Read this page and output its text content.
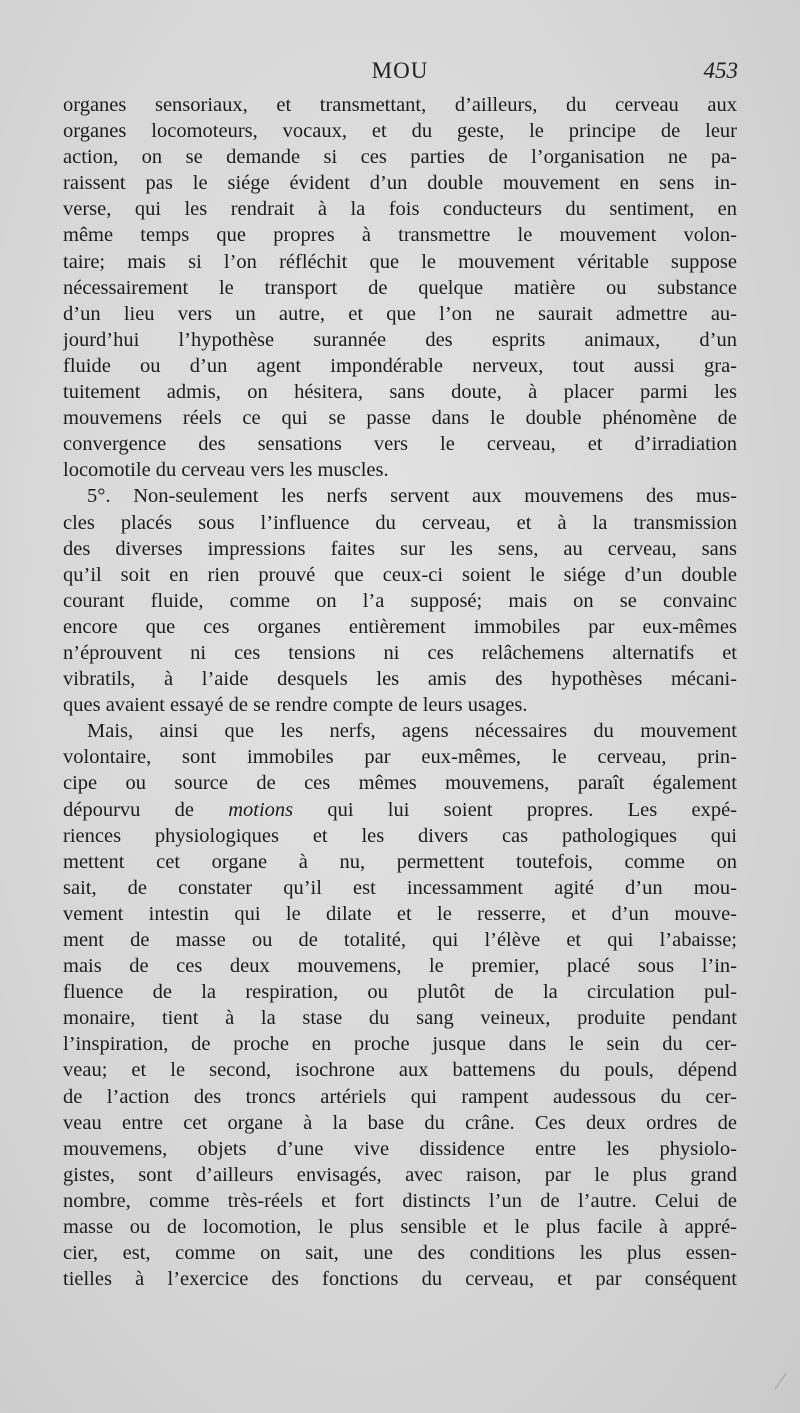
MOU	453
organes sensoriaux, et transmettant, d’ailleurs, du cerveau aux
organes locomoteurs, vocaux, et du geste, le principe de leur
action, on se demande si ces parties de l’organisation ne pa-
raissent pas le siége évident d’un double mouvement en sens in-
verse, qui les rendrait à la fois conducteurs du sentiment, en
même temps que propres à transmettre le mouvement volon-
taire; mais si l’on réfléchit que le mouvement véritable suppose
nécessairement le transport de quelque matière ou substance
d’un lieu vers un autre, et que l’on ne saurait admettre au-
jourd’hui l’hypothèse surannée des esprits animaux, d’un
fluide ou d’un agent impondérable nerveux, tout aussi gra-
tuitement admis, on hésitera, sans doute, à placer parmi les
mouvemens réels ce qui se passe dans le double phénomène de
convergence des sensations vers le cerveau, et d’irradiation
locomotile du cerveau vers les muscles.
5°. Non-seulement les nerfs servent aux mouvemens des mus-
cles placés sous l’influence du cerveau, et à la transmission
des diverses impressions faites sur les sens, au cerveau, sans
qu’il soit en rien prouvé que ceux-ci soient le siége d’un double
courant fluide, comme on l’a supposé; mais on se convainc
encore que ces organes entièrement immobiles par eux-mêmes
n’éprouvent ni ces tensions ni ces relâchemens alternatifs et
vibratils, à l’aide desquels les amis des hypothèses mécani-
ques avaient essayé de se rendre compte de leurs usages.
Mais, ainsi que les nerfs, agens nécessaires du mouvement
volontaire, sont immobiles par eux-mêmes, le cerveau, prin-
cipe ou source de ces mêmes mouvemens, paraît également
dépourvu de motions qui lui soient propres. Les expé-
riences physiologiques et les divers cas pathologiques qui
mettent cet organe à nu, permettent toutefois, comme on
sait, de constater qu’il est incessamment agité d’un mou-
vement intestin qui le dilate et le resserre, et d’un mouve-
ment de masse ou de totalité, qui l’élève et qui l’abaisse;
mais de ces deux mouvemens, le premier, placé sous l’in-
fluence de la respiration, ou plutôt de la circulation pul-
monaire, tient à la stase du sang veineux, produite pendant
l’inspiration, de proche en proche jusque dans le sein du cer-
veau; et le second, isochrone aux battemens du pouls, dépend
de l’action des troncs artériels qui rampent audessous du cer-
veau entre cet organe à la base du crâne. Ces deux ordres de
mouvemens, objets d’une vive dissidence entre les physiolo-
gistes, sont d’ailleurs envisagés, avec raison, par le plus grand
nombre, comme très-réels et fort distincts l’un de l’autre. Celui de
masse ou de locomotion, le plus sensible et le plus facile à appré-
cier, est, comme on sait, une des conditions les plus essen-
tielles à l’exercice des fonctions du cerveau, et par conséquent
